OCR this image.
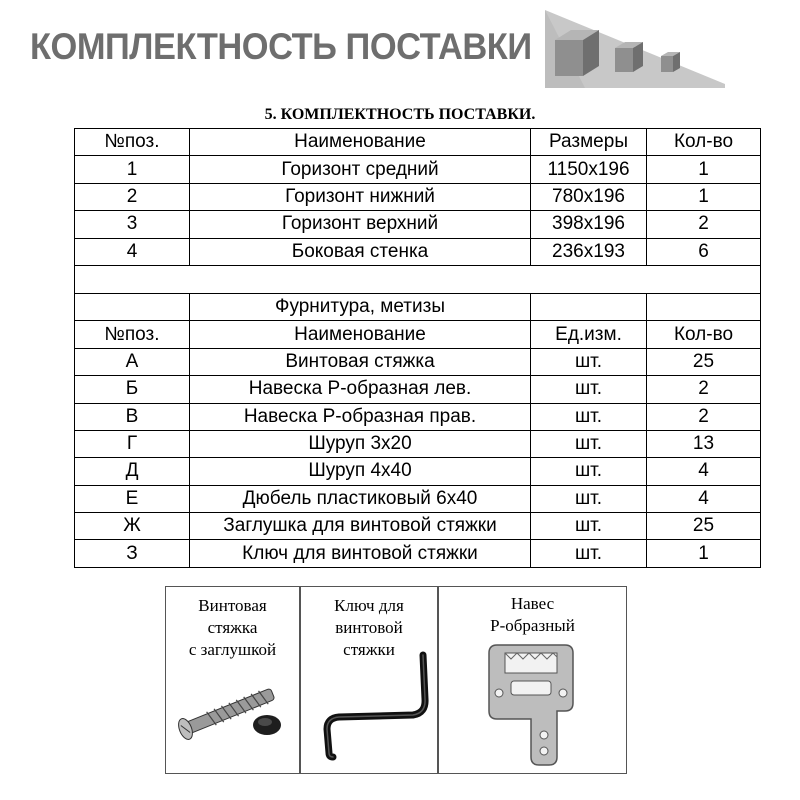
КОМПЛЕКТНОСТЬ ПОСТАВКИ
5. КОМПЛЕКТНОСТЬ ПОСТАВКИ.
№поз.	Наименование	Размеры	Кол-во
1	Горизонт средний	1150x196	1
2	Горизонт нижний	780x196	1
3	Горизонт верхний	398x196	2
4	Боковая стенка	236x193	6

	Фурнитура, метизы		
№поз.	Наименование	Ед.изм.	Кол-во
А	Винтовая стяжка	шт.	25
Б	Навеска Р-образная лев.	шт.	2
В	Навеска Р-образная прав.	шт.	2
Г	Шуруп 3х20	шт.	13
Д	Шуруп 4х40	шт.	4
Е	Дюбель пластиковый 6х40	шт.	4
Ж	Заглушка для винтовой стяжки	шт.	25
З	Ключ для винтовой стяжки	шт.	1
Винтовая
стяжка
с заглушкой
Ключ для
винтовой
стяжки
Навес
Р-образный
